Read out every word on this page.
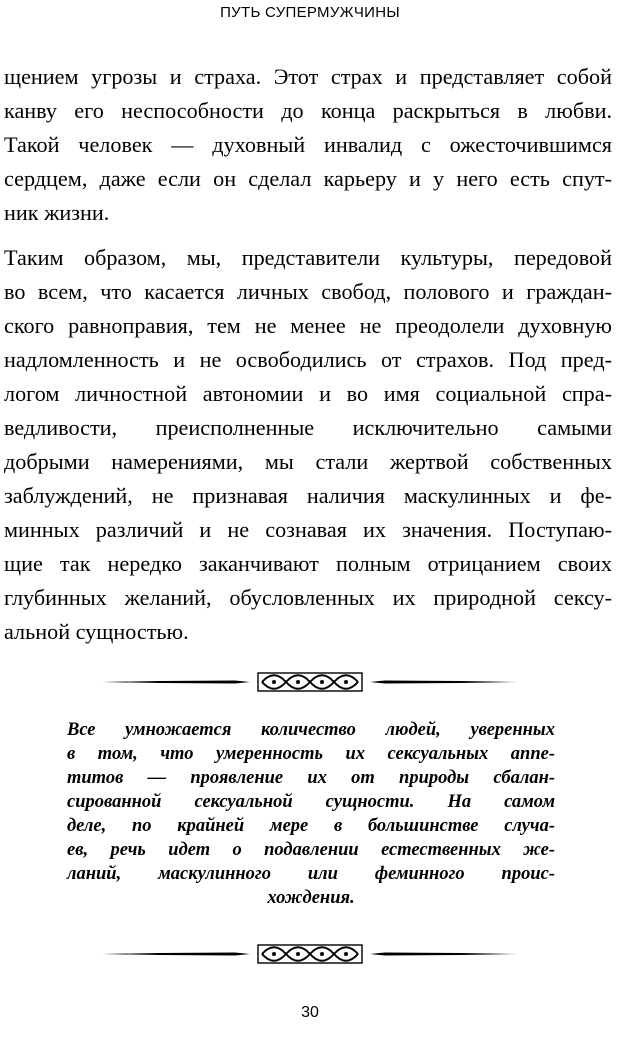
ПУТЬ СУПЕРМУЖЧИНЫ

щением угрозы и страха. Этот страх и представляет собой
канву его неспособности до конца раскрыться в любви.
Такой человек — духовный инвалид с ожесточившимся
сердцем, даже если он сделал карьеру и у него есть спут-
ник жизни.

Таким образом, мы, представители культуры, передовой
во всем, что касается личных свобод, полового и граждан-
ского равноправия, тем не менее не преодолели духовную
надломленность и не освободились от страхов. Под пред-
логом личностной автономии и во имя социальной спра-
ведливости, преисполненные исключительно самыми
добрыми намерениями, мы стали жертвой собственных
заблуждений, не признавая наличия маскулинных и фе-
минных различий и не сознавая их значения. Поступаю-
щие так нередко заканчивают полным отрицанием своих
глубинных желаний, обусловленных их природной сексу-
альной сущностью.

Все умножается количество людей, уверенных
в том, что умеренность их сексуальных аппе-
титов — проявление их от природы сбалан-
сированной сексуальной сущности. На самом
деле, по крайней мере в большинстве случа-
ев, речь идет о подавлении естественных же-
ланий, маскулинного или феминного проис-
хождения.
30
